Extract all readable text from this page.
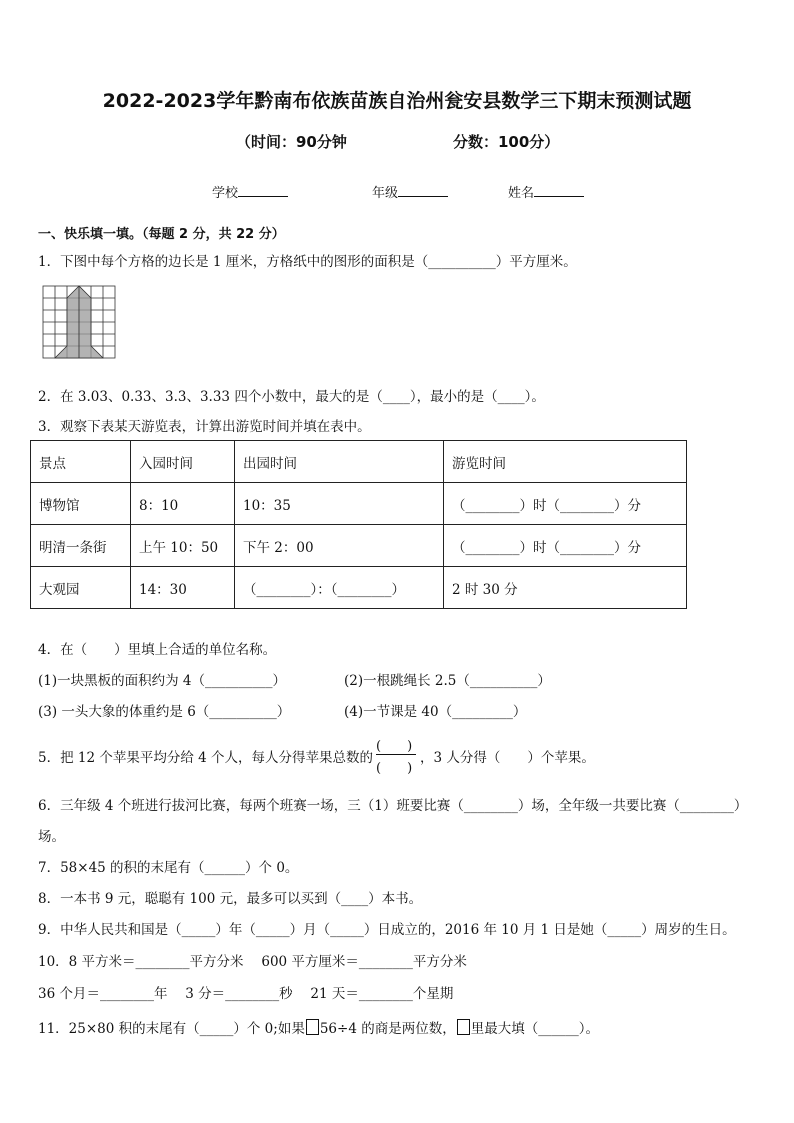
2022-2023学年黔南布依族苗族自治州瓮安县数学三下期末预测试题
（时间：90分钟	分数：100分）
学校	年级	姓名
一、快乐填一填。（每题 2 分，共 22 分）
1．下图中每个方格的边长是 1 厘米，方格纸中的图形的面积是（__________）平方厘米。
2．在 3.03、0.33、3.3、3.33 四个小数中，最大的是（____），最小的是（____）。
3．观察下表某天游览表，计算出游览时间并填在表中。
景点	入园时间	出园时间	游览时间
博物馆	8：10	10：35	（________）时（________）分
明清一条街	上午 10：50	下午 2：00	（________）时（________）分
大观园	14：30	（________）：（________）	2 时 30 分
4．在（　　）里填上合适的单位名称。
(1)一块黑板的面积约为 4（__________）	(2)一根跳绳长 2.5（__________）
(3) 一头大象的体重约是 6（__________）	(4)一节课是 40（_________）
5．把 12 个苹果平均分给 4 个人，每人分得苹果总数的
(　　)
(　　)
，3 人分得（　　）个苹果。
6．三年级 4 个班进行拔河比赛，每两个班赛一场，三（1）班要比赛（________）场，全年级一共要比赛（________）
场。
7．58×45 的积的末尾有（______）个 0。
8．一本书 9 元，聪聪有 100 元，最多可以买到（____）本书。
9．中华人民共和国是（_____）年（_____）月（_____）日成立的，2016 年 10 月 1 日是她（_____）周岁的生日。
10．8 平方米＝________平方分米　 600 平方厘米＝________平方分米
36 个月＝________年　 3 分＝________秒　 21 天＝________个星期
11．25×80 积的末尾有（_____）个 0;如果 56÷4 的商是两位数， 里最大填（______）。
